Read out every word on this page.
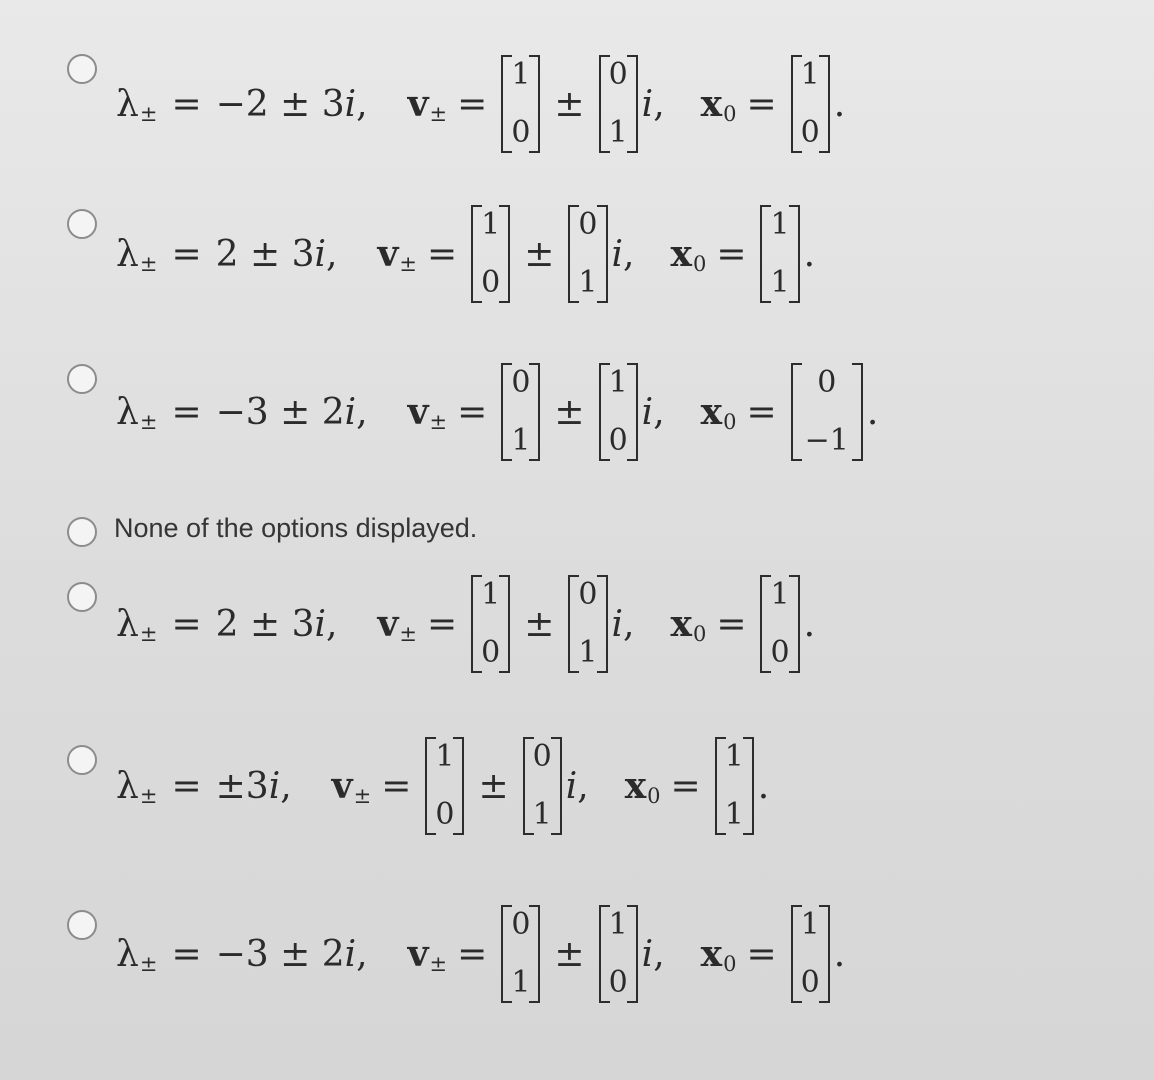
λ ± = −2 ± 3 i , v ± =
1
0
±
0
1
i , x 0 =
1
0
.
λ ± = 2 ± 3 i , v ± =
1
0
±
0
1
i , x 0 =
1
1
.
λ ± = −3 ± 2 i , v ± =
0
1
±
1
0
i , x 0 =
0
−1
.
None of the options displayed.
λ ± = 2 ± 3 i , v ± =
1
0
±
0
1
i , x 0 =
1
0
.
λ ± = ±3 i , v ± =
1
0
±
0
1
i , x 0 =
1
1
.
λ ± = −3 ± 2 i , v ± =
0
1
±
1
0
i , x 0 =
1
0
.
